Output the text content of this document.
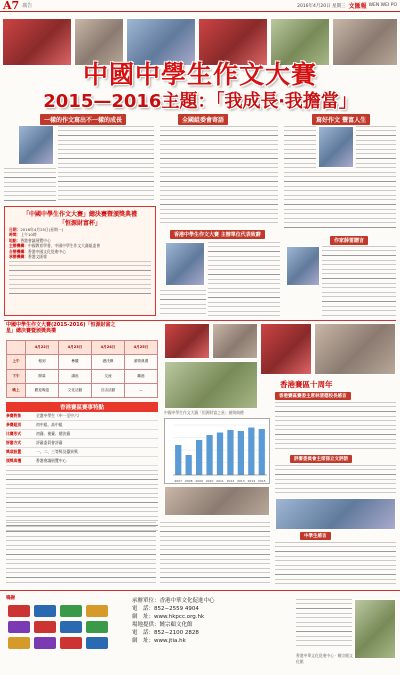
A7 廣告	2016年4月20日 星期三 文匯報 WEN WEI PO
中國中學生作文大賽
2015—2016主題：「我成長‧我擔當」
一樣的作文寫出不一樣的成長	全國組委會寄語	寫好作文 豐富人生
「中國中學生作文大賽」總決賽暨頒獎典禮
「恒源財富杯」
日期：2016年4月25日(星期一)
時間：上午10時
地點：香港會議展覽中心
主辦機構：中國教育學會、中國中學生作文大賽組委會
合辦機構：香港中國文化促進中心
承辦機構：香港文匯報
香港中學生作文大賽 主辦單位代表致辭
作家薛雷贈言
中國中學生作文大賽(2015-2016)「恒源財富之星」總決賽暨頒獎典禮
	4月22日	4月23日	4月24日	4月25日
上午	報到	參觀	總決賽	頒獎典禮
下午	開幕	講座	交流	離港
晚上	歡迎晚宴	文化活動	自由活動	—
香港賽區賽事特點
參賽對象	全港中學生（中一至中六）
參賽組別	初中組、高中組
比賽形式	初賽、複賽、總決賽
評審方式	評審委員會評審
獎項設置	一、二、三等獎及優異獎
頒獎典禮	香港會議展覽中心
中國中學生作文大賽「恒源財富之星」頒獎典禮
香港賽區十周年
2007 2008 2009 2010 2011 2012 2013 2014 2015
香港賽區賽委主席林清德校長感言
評審委員會主席孫立文評語
中學生感言
鳴謝	承辦單位：香港中華文化促進中心
電　話：852−2559 4904
網　址：www.hkpcc.org.hk
場地提供：饒宗頤文化館
電　話：852−2100 2828
網　址：www.jtia.hk
香港中華文化促進中心 · 饒宗頤文化館
